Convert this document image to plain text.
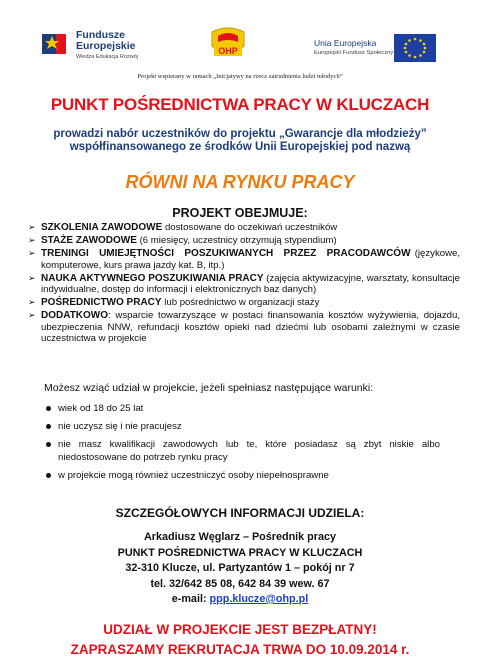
Fundusze Europejskie
Wiedza Edukacja Rozwój
OHP
Unia Europejska
Europejski Fundusz Społeczny
Projekt wspierany w ramach „Inicjatywy na rzecz zatrudnienia ludzi młodych”
PUNKT POŚREDNICTWA PRACY W KLUCZACH
prowadzi nabór uczestników do projektu „Gwarancje dla młodzieży”
współfinansowanego ze środków Unii Europejskiej pod nazwą
RÓWNI NA RYNKU PRACY
PROJEKT OBEJMUJE:
➢ SZKOLENIA ZAWODOWE dostosowane do oczekiwań uczestników
➢ STAŻE ZAWODOWE (6 miesięcy, uczestnicy otrzymują stypendium)
➢ TRENINGI UMIEJĘTNOŚCI POSZUKIWANYCH PRZEZ PRACODAWCÓW (językowe, komputerowe, kurs prawa jazdy kat. B, itp.)
➢ NAUKA AKTYWNEGO POSZUKIWANIA PRACY (zajęcia aktywizacyjne, warsztaty, konsultacje indywidualne, dostęp do informacji i elektronicznych baz danych)
➢ POŚREDNICTWO PRACY lub pośrednictwo w organizacji staży
➢ DODATKOWO: wsparcie towarzyszące w postaci finansowania kosztów wyżywienia, dojazdu, ubezpieczenia NNW, refundacji kosztów opieki nad dziećmi lub osobami zależnymi w czasie uczestnictwa w projekcie
Możesz wziąć udział w projekcie, jeżeli spełniasz następujące warunki:
wiek od 18 do 25 lat
nie uczysz się i nie pracujesz
nie masz kwalifikacji zawodowych lub te, które posiadasz są zbyt niskie albo niedostosowane do potrzeb rynku pracy
w projekcie mogą również uczestniczyć osoby niepełnosprawne
SZCZEGÓŁOWYCH INFORMACJI UDZIELA:
Arkadiusz Węglarz – Pośrednik pracy
PUNKT POŚREDNICTWA PRACY W KLUCZACH
32-310 Klucze, ul. Partyzantów 1 – pokój nr 7
tel. 32/642 85 08, 642 84 39 wew. 67
e-mail: ppp.klucze@ohp.pl
UDZIAŁ W PROJEKCIE JEST BEZPŁATNY!
ZAPRASZAMY REKRUTACJA TRWA DO 10.09.2014 r.
